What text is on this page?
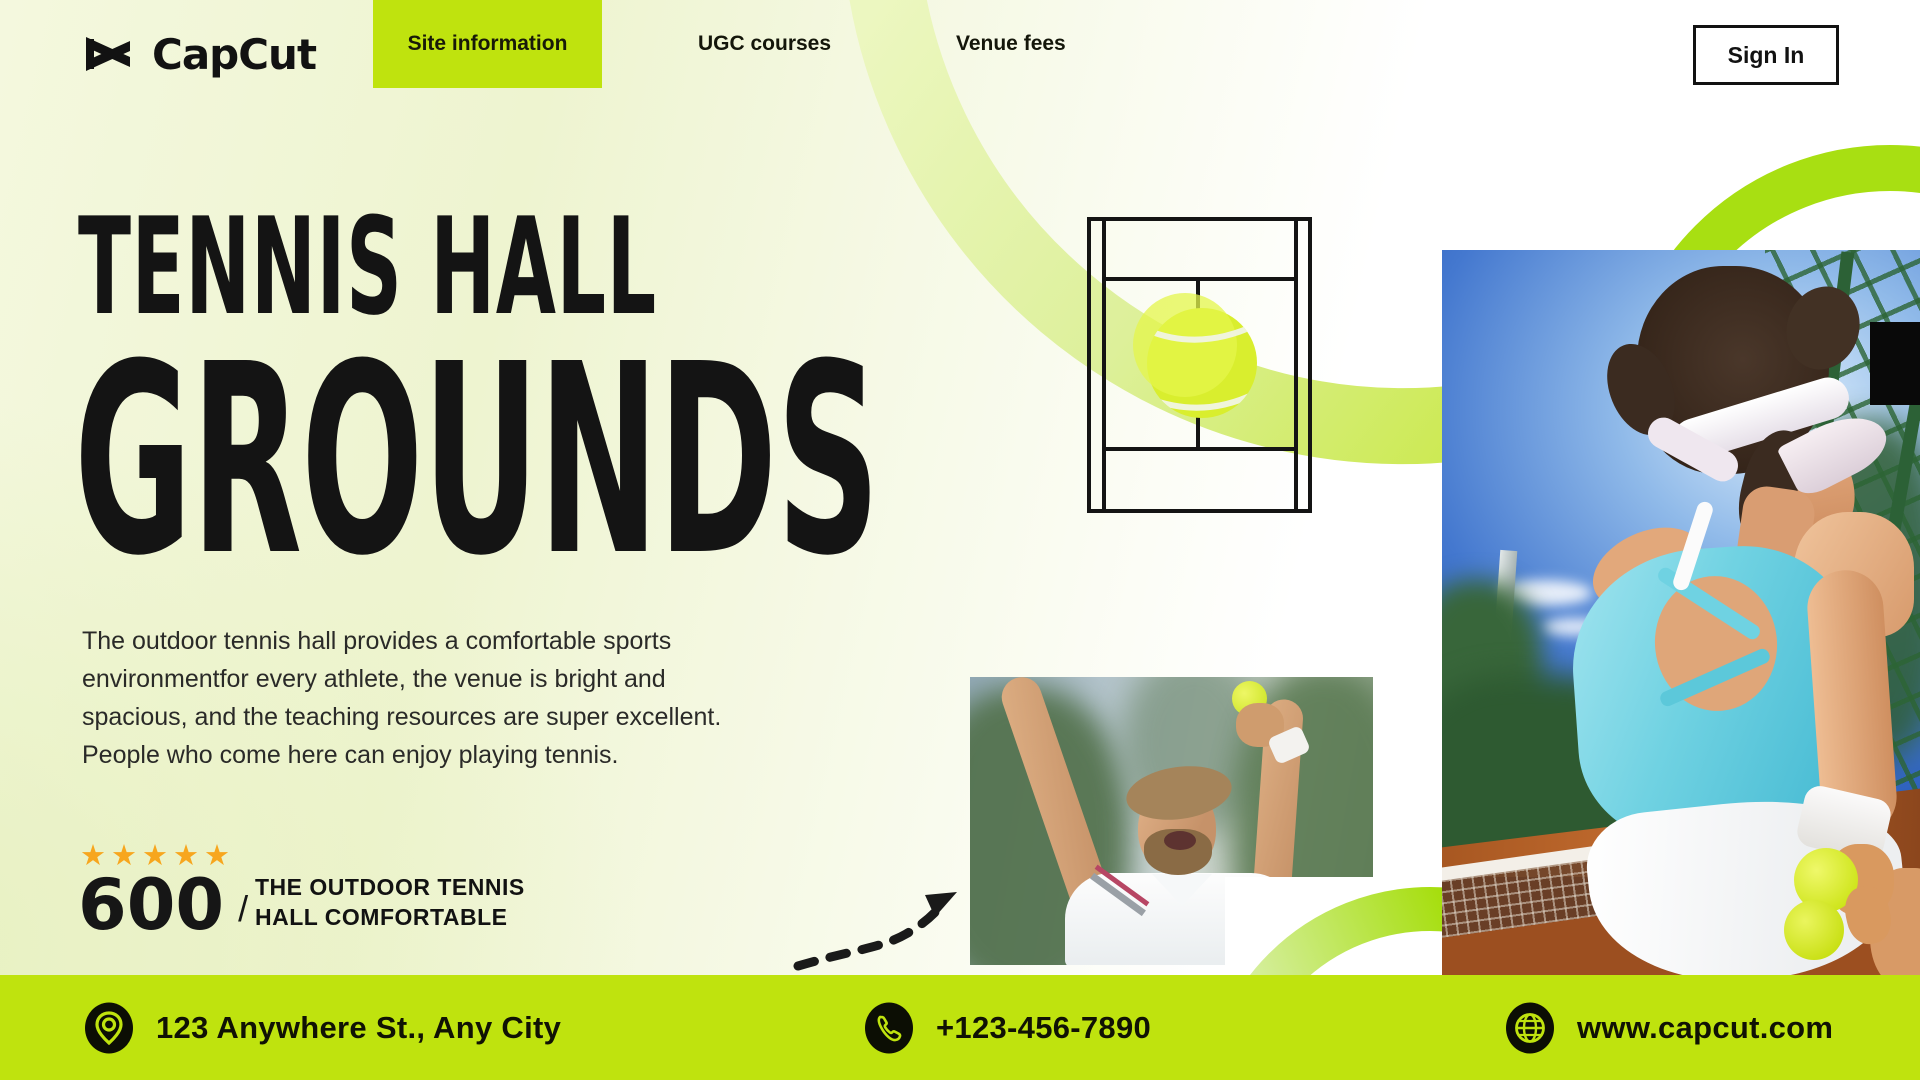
123 Anywhere St., Any City	+123-456-7890	www.capcut.com
CapCut	Site information	UGC courses	Venue fees	Sign In
TENNIS HALL
GROUNDS
The outdoor tennis hall provides a comfortable sports
environmentfor every athlete, the venue is bright and
spacious, and the teaching resources are super excellent.
People who come here can enjoy playing tennis.
★★★★★
600 /
THE OUTDOOR TENNIS
HALL COMFORTABLE
